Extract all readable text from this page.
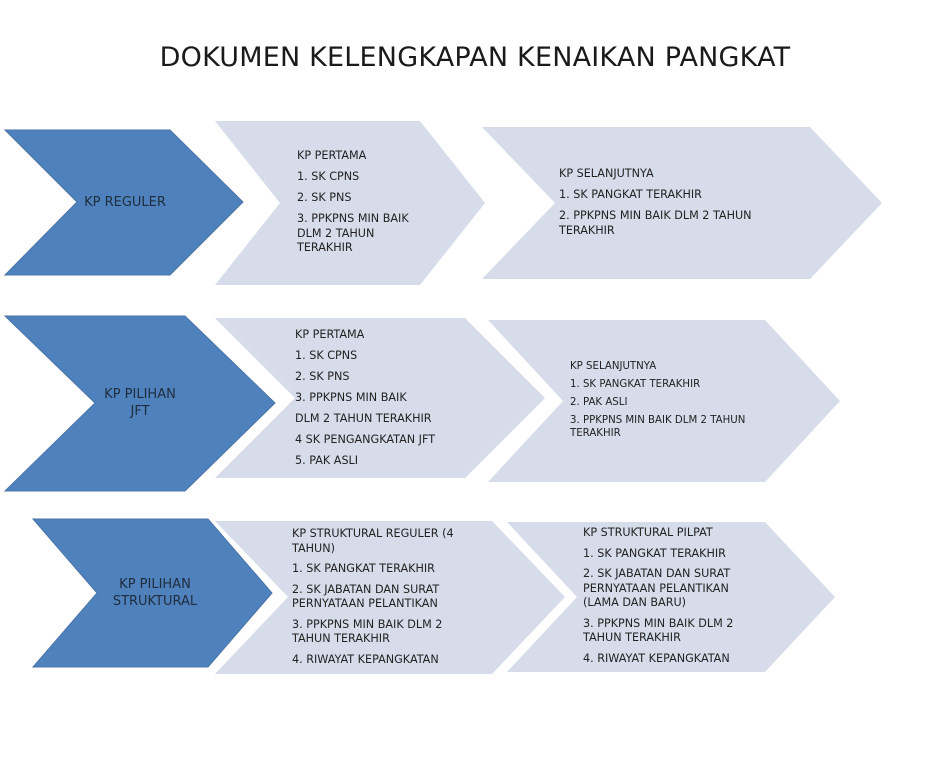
DOKUMEN KELENGKAPAN KENAIKAN PANGKAT
KP REGULER
KP PERTAMA
1. SK CPNS
2. SK PNS
3. PPKPNS MIN BAIK DLM 2 TAHUN TERAKHIR
KP SELANJUTNYA
1. SK PANGKAT TERAKHIR
2. PPKPNS MIN BAIK DLM 2 TAHUN TERAKHIR
KP PILIHAN JFT
KP PERTAMA
1. SK CPNS
2. SK PNS
3. PPKPNS MIN BAIK
DLM 2 TAHUN TERAKHIR
4 SK PENGANGKATAN JFT
5. PAK ASLI
KP SELANJUTNYA
1. SK PANGKAT TERAKHIR
2. PAK ASLI
3. PPKPNS MIN BAIK DLM 2 TAHUN TERAKHIR
KP PILIHAN STRUKTURAL
KP STRUKTURAL REGULER (4 TAHUN)
1. SK PANGKAT TERAKHIR
2. SK JABATAN DAN SURAT PERNYATAAN PELANTIKAN
3. PPKPNS MIN BAIK DLM 2 TAHUN TERAKHIR
4. RIWAYAT KEPANGKATAN
KP STRUKTURAL PILPAT
1. SK PANGKAT TERAKHIR
2. SK JABATAN DAN SURAT PERNYATAAN PELANTIKAN (LAMA DAN BARU)
3. PPKPNS MIN BAIK DLM 2 TAHUN TERAKHIR
4. RIWAYAT KEPANGKATAN
